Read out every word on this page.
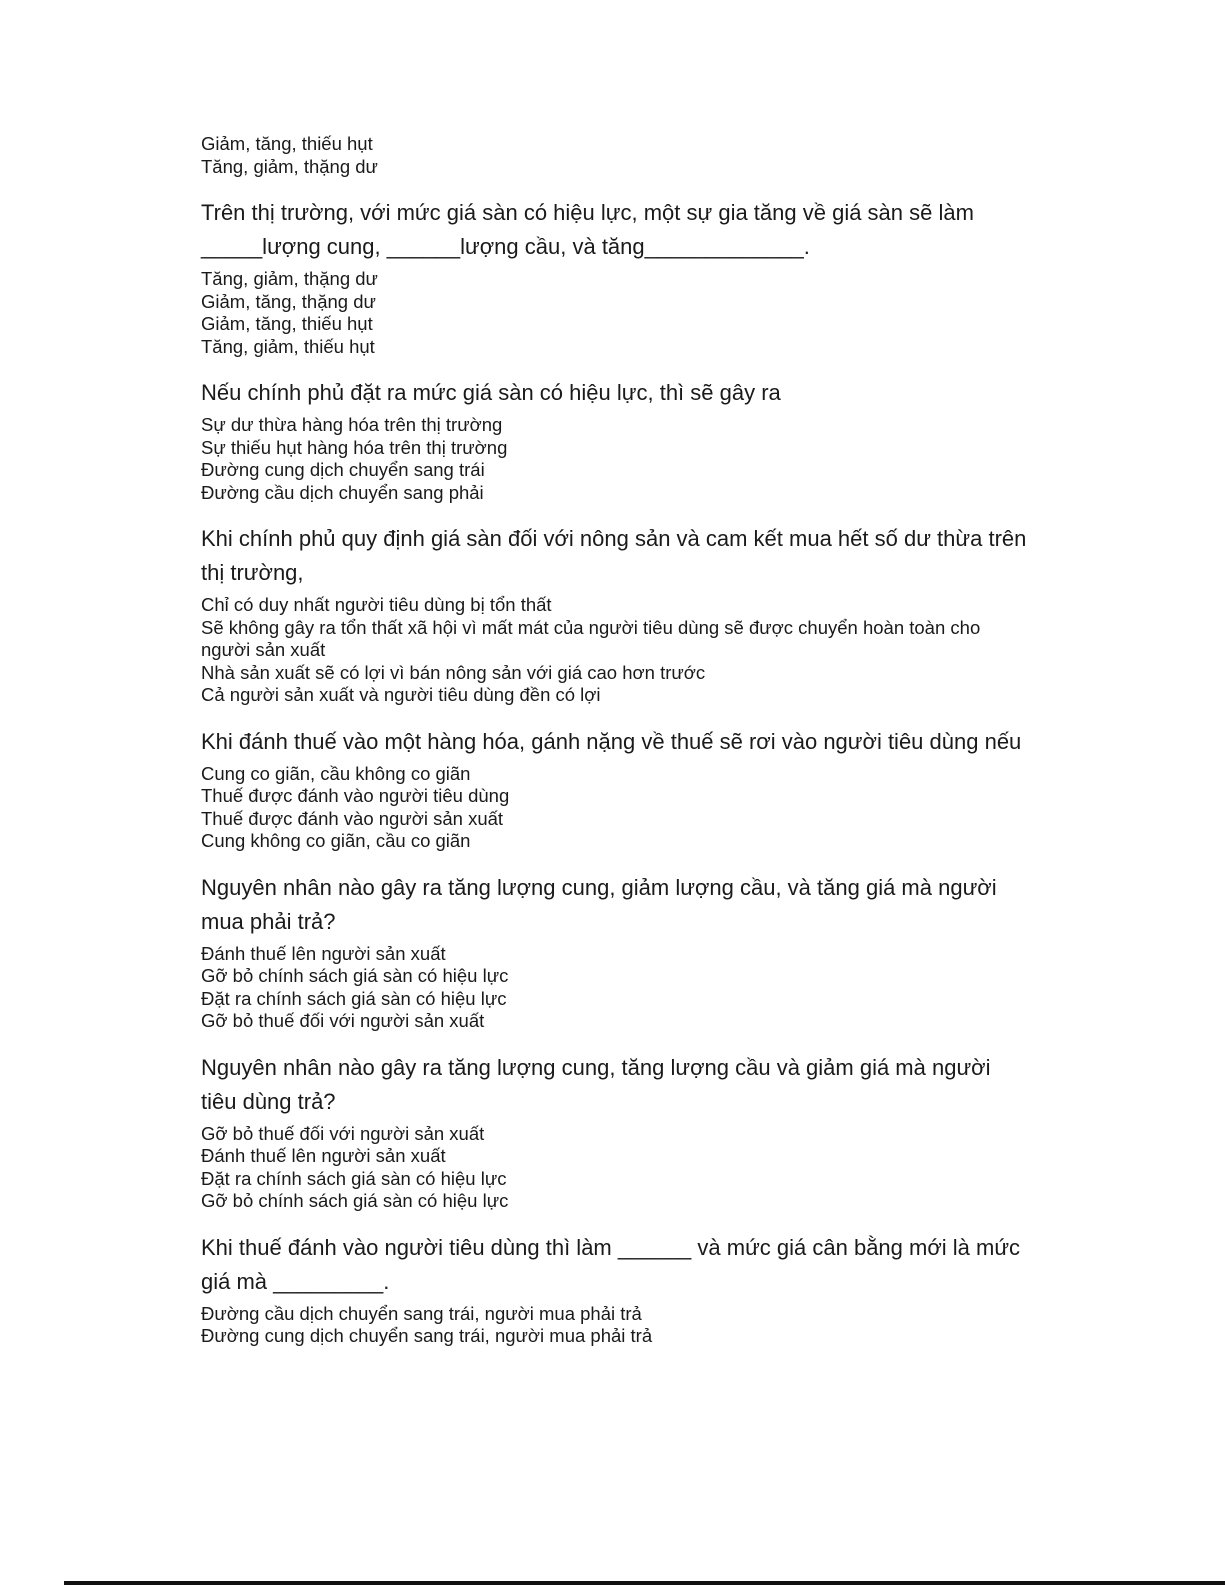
Giảm, tăng, thiếu hụt
Tăng, giảm, thặng dư
Trên thị trường, với mức giá sàn có hiệu lực, một sự gia tăng về giá sàn sẽ làm _____lượng cung, ______lượng cầu, và tăng_____________.
Tăng, giảm, thặng dư
Giảm, tăng, thặng dư
Giảm, tăng, thiếu hụt
Tăng, giảm, thiếu hụt
Nếu chính phủ đặt ra mức giá sàn có hiệu lực, thì sẽ gây ra
Sự dư thừa hàng hóa trên thị trường
Sự thiếu hụt hàng hóa trên thị trường
Đường cung dịch chuyển sang trái
Đường cầu dịch chuyển sang phải
Khi chính phủ quy định giá sàn đối với nông sản và cam kết mua hết số dư thừa trên thị trường,
Chỉ có duy nhất người tiêu dùng bị tổn thất
Sẽ không gây ra tổn thất xã hội vì mất mát của người tiêu dùng sẽ được chuyển hoàn toàn cho người sản xuất
Nhà sản xuất sẽ có lợi vì bán nông sản với giá cao hơn trước
Cả người sản xuất và người tiêu dùng đền có lợi
Khi đánh thuế vào một hàng hóa, gánh nặng về thuế sẽ rơi vào người tiêu dùng nếu
Cung co giãn, cầu không co giãn
Thuế được đánh vào người tiêu dùng
Thuế được đánh vào người sản xuất
Cung không co giãn, cầu co giãn
Nguyên nhân nào gây ra tăng lượng cung, giảm lượng cầu, và tăng giá mà người mua phải trả?
Đánh thuế lên người sản xuất
Gỡ bỏ chính sách giá sàn có hiệu lực
Đặt ra chính sách giá sàn có hiệu lực
Gỡ bỏ thuế đối với người sản xuất
Nguyên nhân nào gây ra tăng lượng cung, tăng lượng cầu và giảm giá mà người tiêu dùng trả?
Gỡ bỏ thuế đối với người sản xuất
Đánh thuế lên người sản xuất
Đặt ra chính sách giá sàn có hiệu lực
Gỡ bỏ chính sách giá sàn có hiệu lực
Khi thuế đánh vào người tiêu dùng thì làm ______ và mức giá cân bằng mới là mức giá mà _________.
Đường cầu dịch chuyển sang trái, người mua phải trả
Đường cung dịch chuyển sang trái, người mua phải trả
